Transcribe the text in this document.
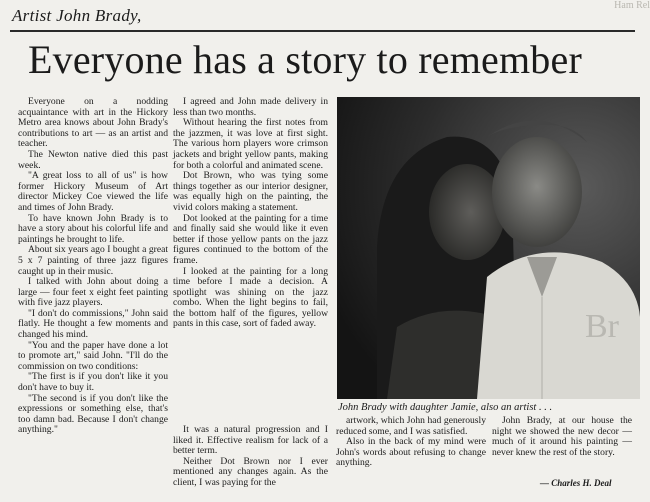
Ham Rel
Artist John Brady,
Everyone has a story to remember

Everyone on a nodding acquaintance with art in the Hickory Metro area knows about John Brady's contributions to art — as an artist and teacher.

The Newton native died this past week.

"A great loss to all of us" is how former Hickory Museum of Art director Mickey Coe viewed the life and times of John Brady.

To have known John Brady is to have a story about his colorful life and paintings he brought to life.

About six years ago I bought a great 5 x 7 painting of three jazz figures caught up in their music.

I talked with John about doing a large — four feet x eight feet painting with five jazz players.

"I don't do commissions," John said flatly. He thought a few moments and changed his mind.

"You and the paper have done a lot to promote art," said John. "I'll do the commission on two conditions:

"The first is if you don't like it you don't have to buy it.

"The second is if you don't like the expressions or something else, that's too damn bad. Because I don't change anything."

I agreed and John made delivery in less than two months.

Without hearing the first notes from the jazzmen, it was love at first sight. The various horn players wore crimson jackets and bright yellow pants, making for both a colorful and animated scene.

Dot Brown, who was tying some things together as our interior designer, was equally high on the painting, the vivid colors making a statement.

Dot looked at the painting for a time and finally said she would like it even better if those yellow pants on the jazz figures continued to the bottom of the frame.

I looked at the painting for a long time before I made a decision. A spotlight was shining on the jazz combo. When the light begins to fail, the bottom half of the figures, yellow pants in this case, sort of faded away.

It was a natural progression and I liked it. Effective realism for lack of a better term.

Neither Dot Brown nor I ever mentioned any changes again. As the client, I was paying for the

Br
John Brady with daughter Jamie, also an artist . . .

artwork, which John had generously reduced some, and I was satisfied.

Also in the back of my mind were John's words about refusing to change anything.

John Brady, at our house the night we showed the new decor — much of it around his painting — never knew the rest of the story.

— Charles H. Deal
